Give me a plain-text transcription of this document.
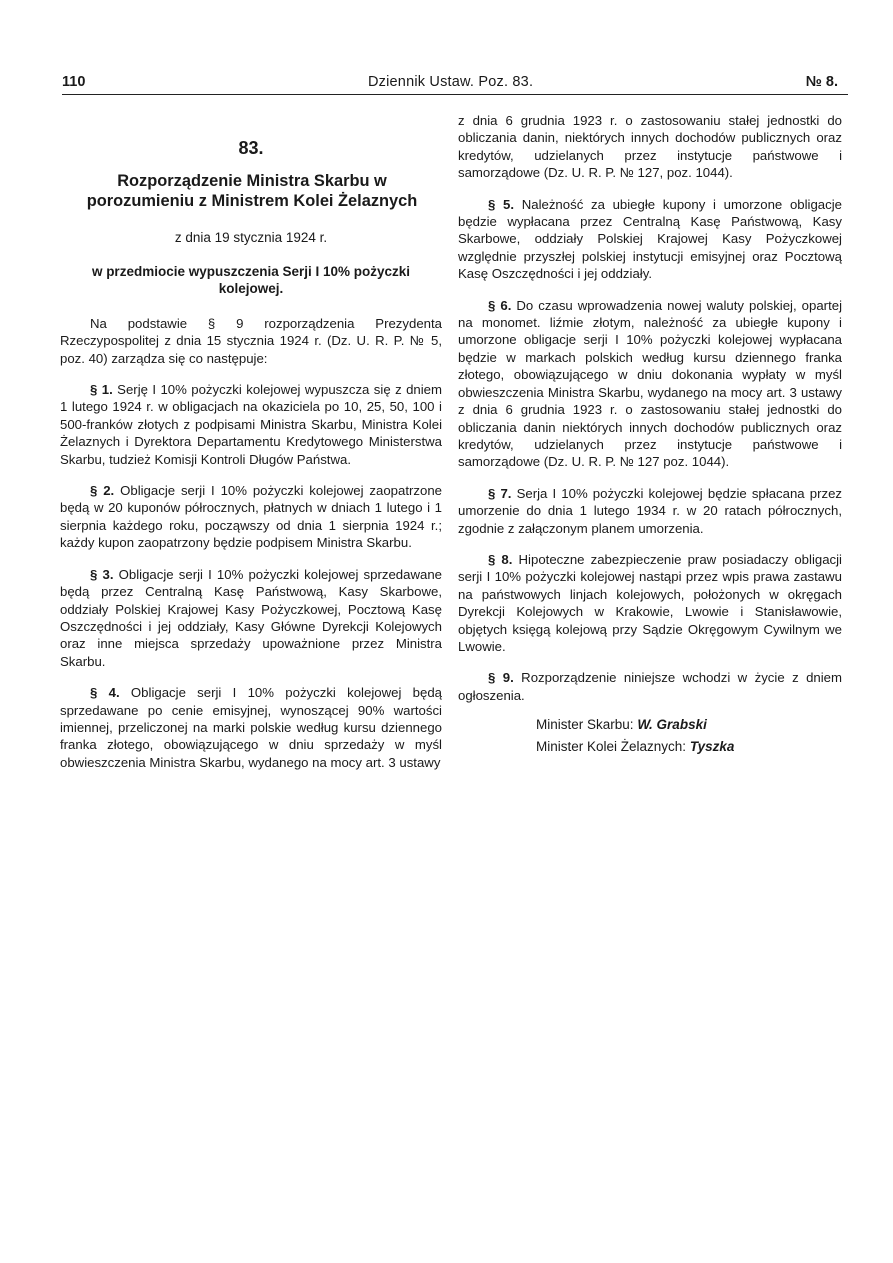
110	Dziennik Ustaw. Poz. 83.	№ 8.
83.
Rozporządzenie Ministra Skarbu w porozumieniu z Ministrem Kolei Żelaznych
z dnia 19 stycznia 1924 r.
w przedmiocie wypuszczenia Serji I 10% pożyczki kolejowej.

Na podstawie § 9 rozporządzenia Prezydenta Rzeczypospolitej z dnia 15 stycznia 1924 r. (Dz. U. R. P. № 5, poz. 40) zarządza się co następuje:

§ 1. Serję I 10% pożyczki kolejowej wypuszcza się z dniem 1 lutego 1924 r. w obligacjach na okaziciela po 10, 25, 50, 100 i 500-franków złotych z podpisami Ministra Skarbu, Ministra Kolei Żelaznych i Dyrektora Departamentu Kredytowego Ministerstwa Skarbu, tudzież Komisji Kontroli Długów Państwa.

§ 2. Obligacje serji I 10% pożyczki kolejowej zaopatrzone będą w 20 kuponów półrocznych, płatnych w dniach 1 lutego i 1 sierpnia każdego roku, począwszy od dnia 1 sierpnia 1924 r.; każdy kupon zaopatrzony będzie podpisem Ministra Skarbu.

§ 3. Obligacje serji I 10% pożyczki kolejowej sprzedawane będą przez Centralną Kasę Państwową, Kasy Skarbowe, oddziały Polskiej Krajowej Kasy Pożyczkowej, Pocztową Kasę Oszczędności i jej oddziały, Kasy Główne Dyrekcji Kolejowych oraz inne miejsca sprzedaży upoważnione przez Ministra Skarbu.

§ 4. Obligacje serji I 10% pożyczki kolejowej będą sprzedawane po cenie emisyjnej, wynoszącej 90% wartości imiennej, przeliczonej na marki polskie według kursu dziennego franka złotego, obowiązującego w dniu sprzedaży w myśl obwieszczenia Ministra Skarbu, wydanego na mocy art. 3 ustawy

z dnia 6 grudnia 1923 r. o zastosowaniu stałej jednostki do obliczania danin, niektórych innych dochodów publicznych oraz kredytów, udzielanych przez instytucje państwowe i samorządowe (Dz. U. R. P. № 127, poz. 1044).

§ 5. Należność za ubiegłe kupony i umorzone obligacje będzie wypłacana przez Centralną Kasę Państwową, Kasy Skarbowe, oddziały Polskiej Krajowej Kasy Pożyczkowej względnie przyszłej polskiej instytucji emisyjnej oraz Pocztową Kasę Oszczędności i jej oddziały.

§ 6. Do czasu wprowadzenia nowej waluty polskiej, opartej na monomet. liźmie złotym, należność za ubiegłe kupony i umorzone obligacje serji I 10% pożyczki kolejowej wypłacana będzie w markach polskich według kursu dziennego franka złotego, obowiązującego w dniu dokonania wypłaty w myśl obwieszczenia Ministra Skarbu, wydanego na mocy art. 3 ustawy z dnia 6 grudnia 1923 r. o zastosowaniu stałej jednostki do obliczania danin niektórych innych dochodów publicznych oraz kredytów, udzielanych przez instytucje państwowe i samorządowe (Dz. U. R. P. № 127 poz. 1044).

§ 7. Serja I 10% pożyczki kolejowej będzie spłacana przez umorzenie do dnia 1 lutego 1934 r. w 20 ratach półrocznych, zgodnie z załączonym planem umorzenia.

§ 8. Hipoteczne zabezpieczenie praw posiadaczy obligacji serji I 10% pożyczki kolejowej nastąpi przez wpis prawa zastawu na państwowych linjach kolejowych, położonych w okręgach Dyrekcji Kolejowych w Krakowie, Lwowie i Stanisławowie, objętych księgą kolejową przy Sądzie Okręgowym Cywilnym we Lwowie.

§ 9. Rozporządzenie niniejsze wchodzi w życie z dniem ogłoszenia.

Minister Skarbu: W. Grabski
Minister Kolei Żelaznych: Tyszka
